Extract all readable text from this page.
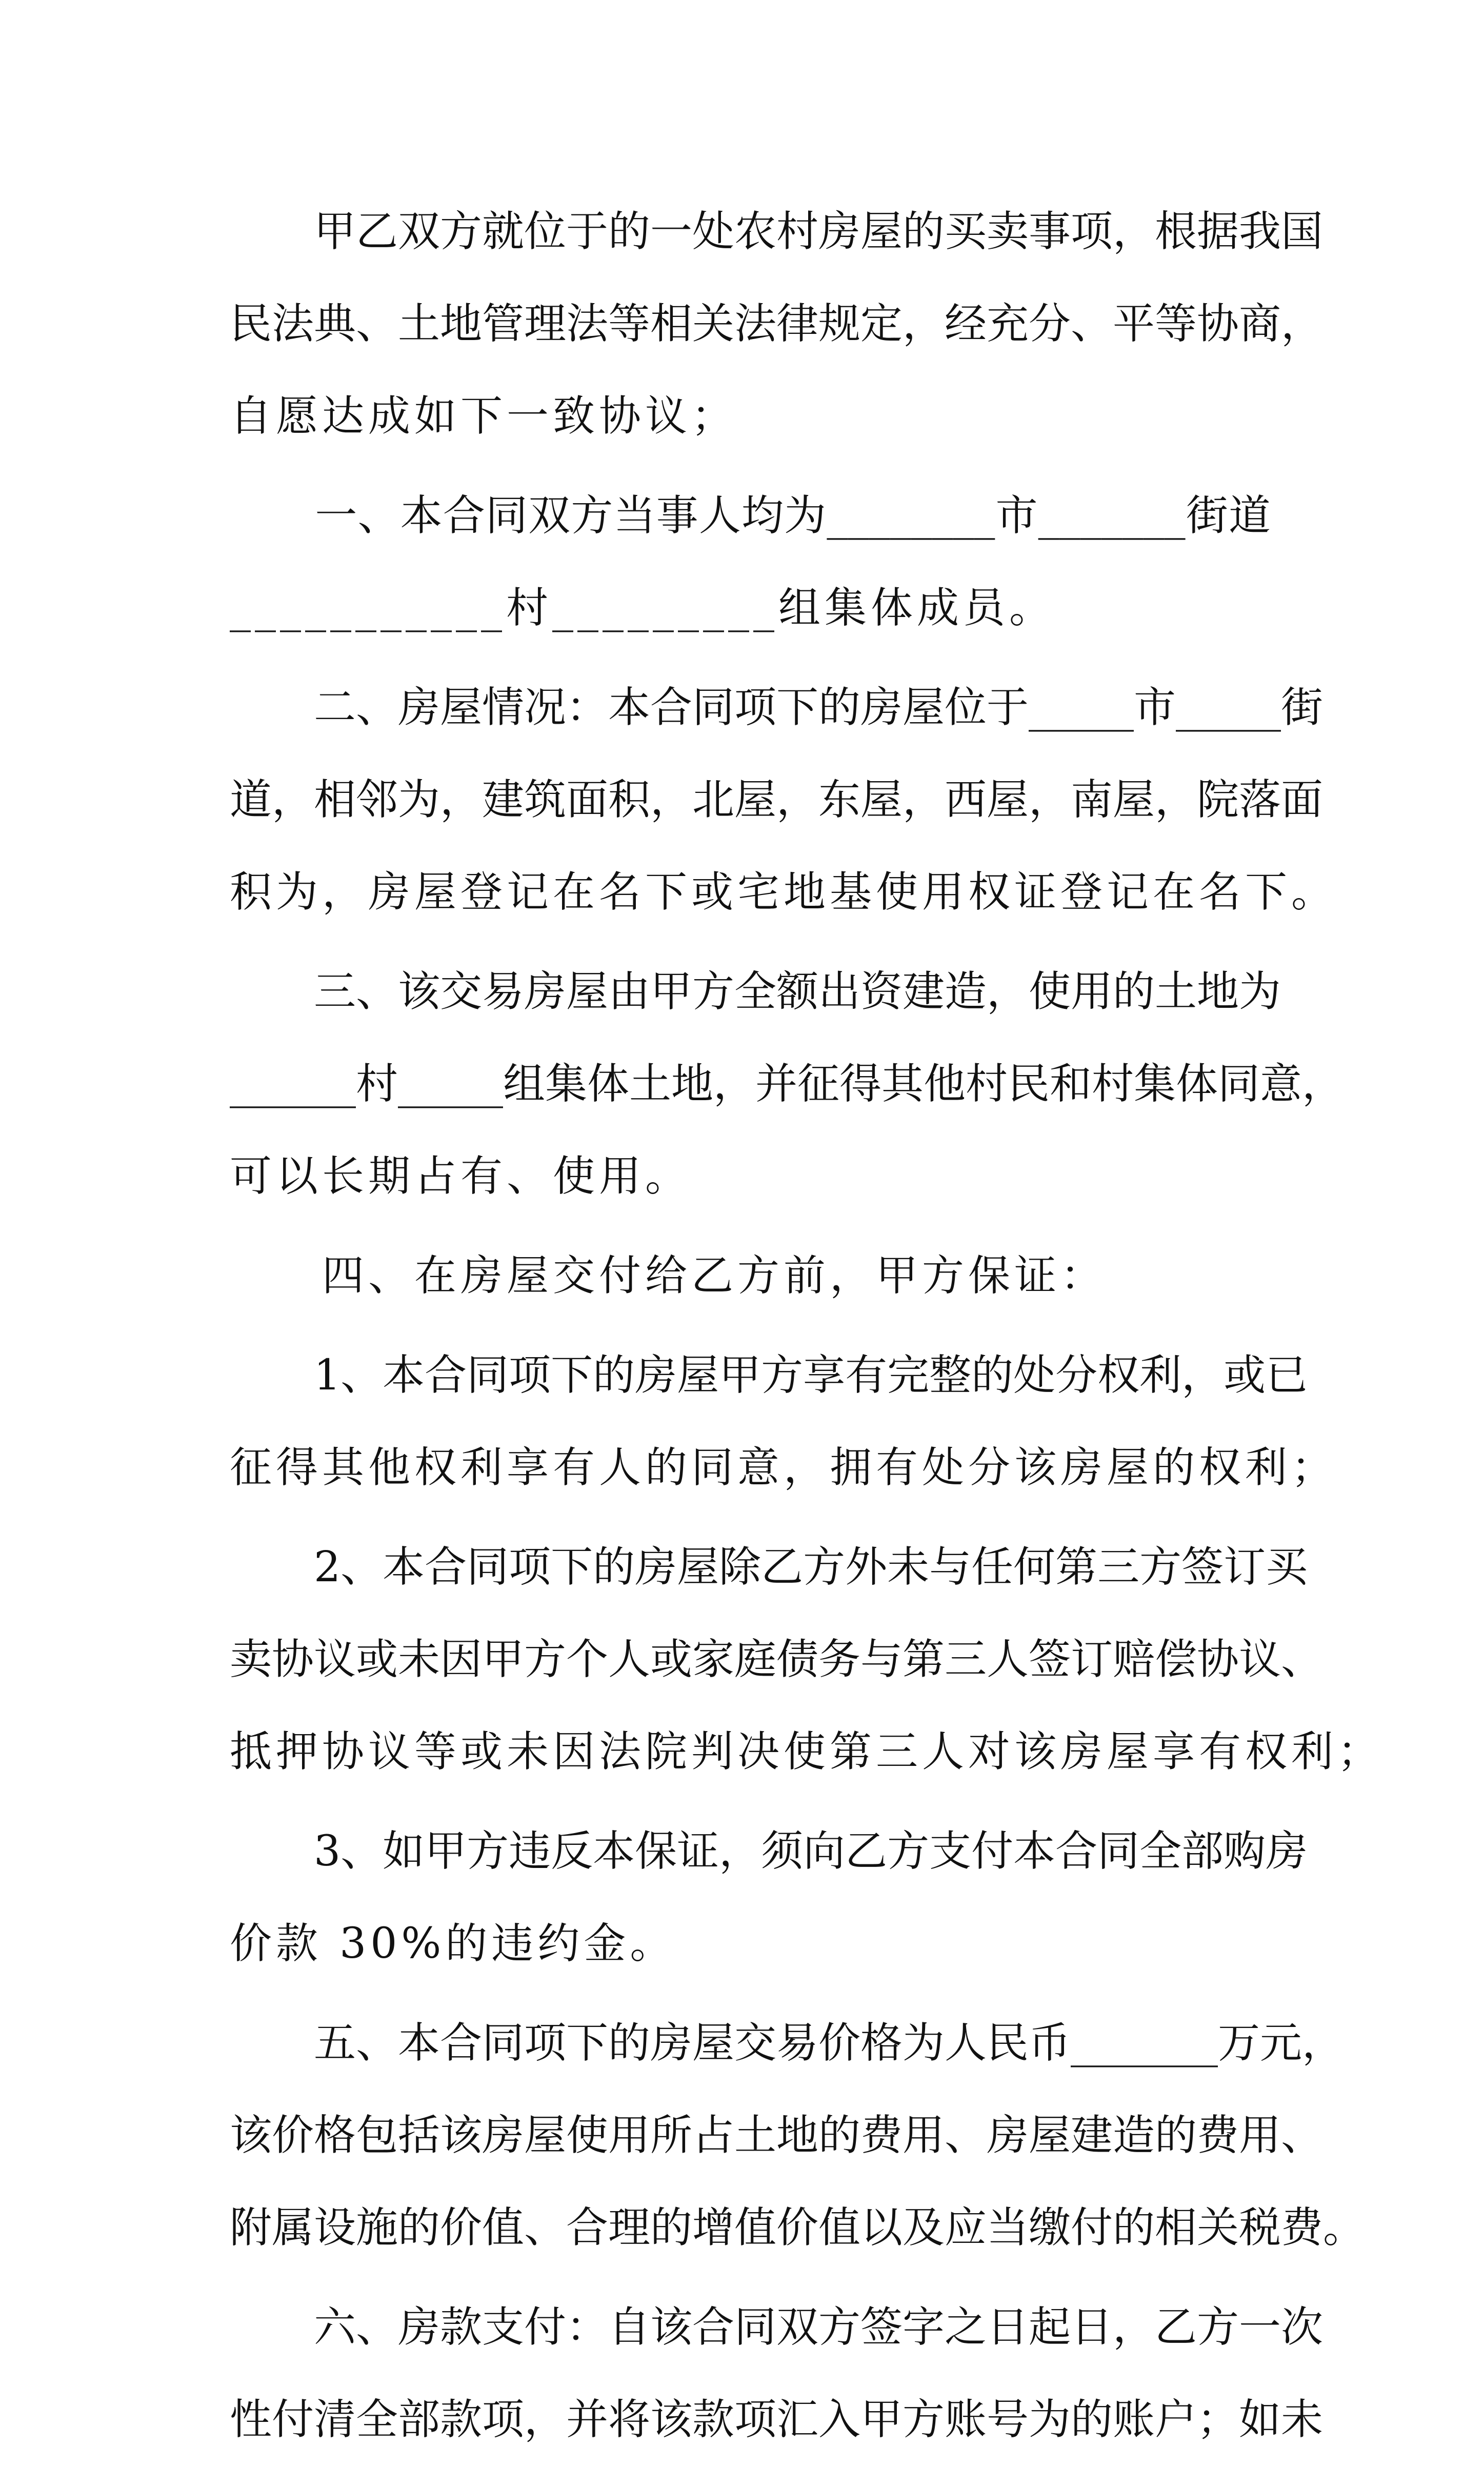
　　甲乙双方就位于的一处农村房屋的买卖事项，根据我国
民法典、土地管理法等相关法律规定，经充分、平等协商，
自愿达成如下一致协议；
　　一、本合同双方当事人均为________市_______街道
___________村_________组集体成员。
　　二、房屋情况：本合同项下的房屋位于_____市_____街
道，相邻为，建筑面积，北屋，东屋，西屋，南屋，院落面
积为，房屋登记在名下或宅地基使用权证登记在名下。
　　三、该交易房屋由甲方全额出资建造，使用的土地为
______村_____组集体土地，并征得其他村民和村集体同意，
可以长期占有、使用。
　　四、在房屋交付给乙方前，甲方保证：
　　1、本合同项下的房屋甲方享有完整的处分权利，或已
征得其他权利享有人的同意，拥有处分该房屋的权利；
　　2、本合同项下的房屋除乙方外未与任何第三方签订买
卖协议或未因甲方个人或家庭债务与第三人签订赔偿协议、
抵押协议等或未因法院判决使第三人对该房屋享有权利；
　　3、如甲方违反本保证，须向乙方支付本合同全部购房
价款 30%的违约金。
　　五、本合同项下的房屋交易价格为人民币_______万元，
该价格包括该房屋使用所占土地的费用、房屋建造的费用、
附属设施的价值、合理的增值价值以及应当缴付的相关税费。
　　六、房款支付：自该合同双方签字之日起日，乙方一次
性付清全部款项，并将该款项汇入甲方账号为的账户；如未
